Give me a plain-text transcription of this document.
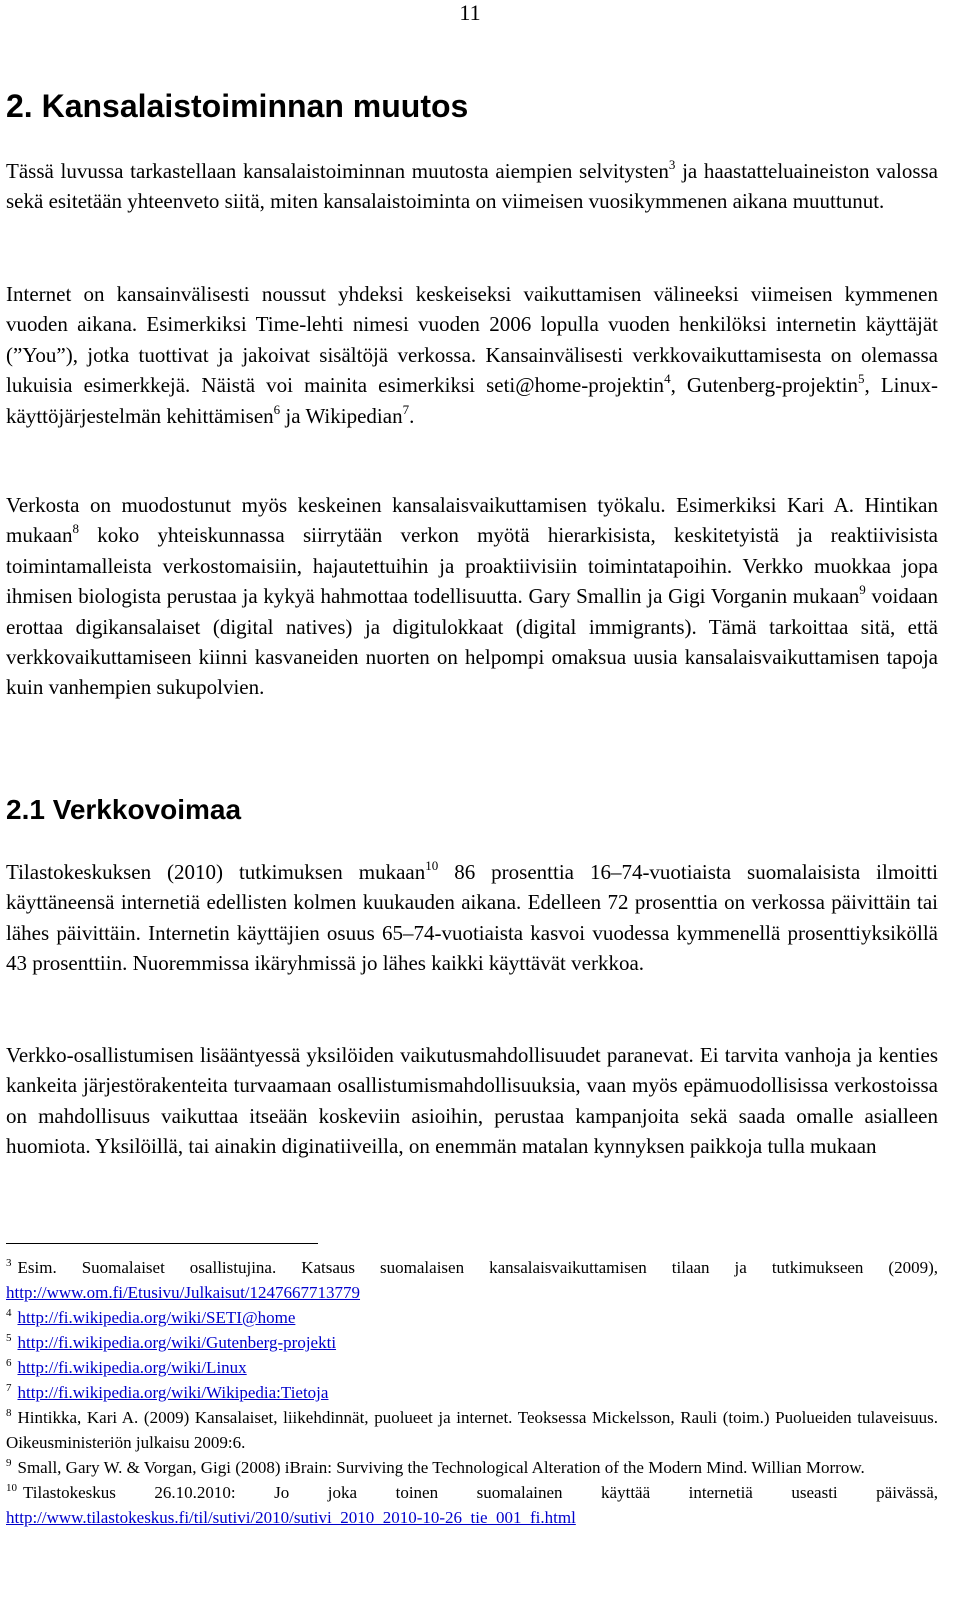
11
2. Kansalaistoiminnan muutos

Tässä luvussa tarkastellaan kansalaistoiminnan muutosta aiempien selvitysten$^3$ ja haastatteluaineiston valossa sekä esitetään yhteenveto siitä, miten kansalaistoiminta on viimeisen vuosikymmenen aikana muuttunut.

Internet on kansainvälisesti noussut yhdeksi keskeiseksi vaikuttamisen välineeksi viimeisen kymmenen vuoden aikana. Esimerkiksi Time-lehti nimesi vuoden 2006 lopulla vuoden henkilöksi internetin käyttäjät (”You”), jotka tuottivat ja jakoivat sisältöjä verkossa. Kansainvälisesti verkkovaikuttamisesta on olemassa lukuisia esimerkkejä. Näistä voi mainita esimerkiksi seti@home-projektin$^4$, Gutenberg-projektin$^5$, Linux-käyttöjärjestelmän kehittämisen$^6$ ja Wikipedian$^7$.

Verkosta on muodostunut myös keskeinen kansalaisvaikuttamisen työkalu. Esimerkiksi Kari A. Hintikan mukaan$^8$ koko yhteiskunnassa siirrytään verkon myötä hierarkisista, keskitetyistä ja reaktiivisista toimintamalleista verkostomaisiin, hajautettuihin ja proaktiivisiin toimintatapoihin. Verkko muokkaa jopa ihmisen biologista perustaa ja kykyä hahmottaa todellisuutta. Gary Smallin ja Gigi Vorganin mukaan$^9$ voidaan erottaa digikansalaiset (digital natives) ja digitulokkaat (digital immigrants). Tämä tarkoittaa sitä, että verkkovaikuttamiseen kiinni kasvaneiden nuorten on helpompi omaksua uusia kansalaisvaikuttamisen tapoja kuin vanhempien sukupolvien.

2.1 Verkkovoimaa

Tilastokeskuksen (2010) tutkimuksen mukaan$^{10}$ 86 prosenttia 16–74-vuotiaista suomalaisista ilmoitti käyttäneensä internetiä edellisten kolmen kuukauden aikana. Edelleen 72 prosenttia on verkossa päivittäin tai lähes päivittäin. Internetin käyttäjien osuus 65–74-vuotiaista kasvoi vuodessa kymmenellä prosenttiyksiköllä 43 prosenttiin. Nuoremmissa ikäryhmissä jo lähes kaikki käyttävät verkkoa.

Verkko-osallistumisen lisääntyessä yksilöiden vaikutusmahdollisuudet paranevat. Ei tarvita vanhoja ja kenties kankeita järjestörakenteita turvaamaan osallistumismahdollisuuksia, vaan myös epämuodollisissa verkostoissa on mahdollisuus vaikuttaa itseään koskeviin asioihin, perustaa kampanjoita sekä saada omalle asialleen huomiota. Yksilöillä, tai ainakin diginatiiveilla, on enemmän matalan kynnyksen paikkoja tulla mukaan

$^3$ Esim. Suomalaiset osallistujina. Katsaus suomalaisen kansalaisvaikuttamisen tilaan ja tutkimukseen (2009), http://www.om.fi/Etusivu/Julkaisut/1247667713779

$^4$ http://fi.wikipedia.org/wiki/SETI@home

$^5$ http://fi.wikipedia.org/wiki/Gutenberg-projekti

$^6$ http://fi.wikipedia.org/wiki/Linux

$^7$ http://fi.wikipedia.org/wiki/Wikipedia:Tietoja

$^8$ Hintikka, Kari A. (2009) Kansalaiset, liikehdinnät, puolueet ja internet. Teoksessa Mickelsson, Rauli (toim.) Puolueiden tulaveisuus. Oikeusministeriön julkaisu 2009:6.

$^9$ Small, Gary W. & Vorgan, Gigi (2008) iBrain: Surviving the Technological Alteration of the Modern Mind. Willian Morrow.

$^{10}$ Tilastokeskus 26.10.2010: Jo joka toinen suomalainen käyttää internetiä useasti päivässä, http://www.tilastokeskus.fi/til/sutivi/2010/sutivi_2010_2010-10-26_tie_001_fi.html
